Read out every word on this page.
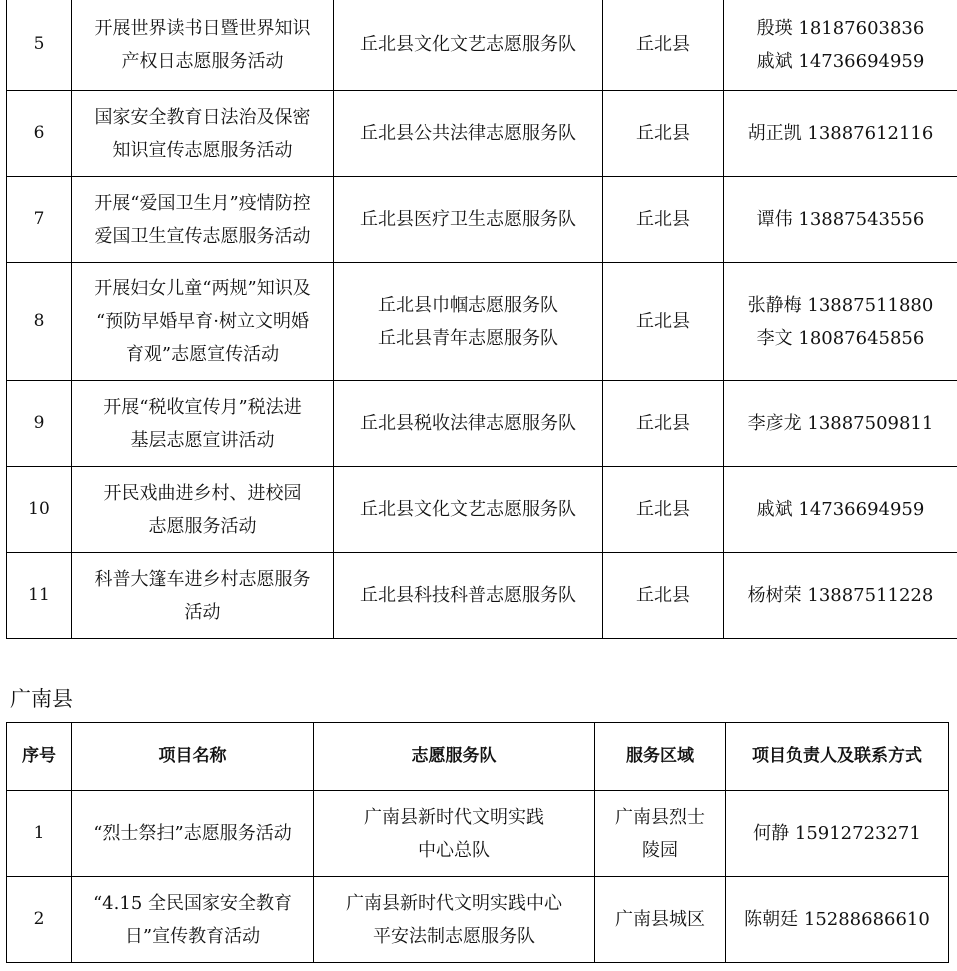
5	开展世界读书日暨世界知识
产权日志愿服务活动	丘北县文化文艺志愿服务队	丘北县	殷瑛 18187603836
戚斌 14736694959

6	国家安全教育日法治及保密
知识宣传志愿服务活动	丘北县公共法律志愿服务队	丘北县	胡正凯 13887612116

7	开展“爱国卫生月”疫情防控
爱国卫生宣传志愿服务活动	丘北县医疗卫生志愿服务队	丘北县	谭伟 13887543556

8	开展妇女儿童“两规”知识及
“预防早婚早育·树立文明婚
育观”志愿宣传活动	丘北县巾帼志愿服务队
丘北县青年志愿服务队	丘北县	张静梅 13887511880
李文 18087645856

9	开展“税收宣传月”税法进
基层志愿宣讲活动	丘北县税收法律志愿服务队	丘北县	李彦龙 13887509811

10	开民戏曲进乡村、进校园
志愿服务活动	丘北县文化文艺志愿服务队	丘北县	戚斌 14736694959

11	科普大篷车进乡村志愿服务
活动	丘北县科技科普志愿服务队	丘北县	杨树荣 13887511228
广南县
序号	项目名称	志愿服务队	服务区域	项目负责人及联系方式
1	“烈士祭扫”志愿服务活动	广南县新时代文明实践
中心总队	广南县烈士
陵园	何静 15912723271

2	“4.15 全民国家安全教育
日”宣传教育活动	广南县新时代文明实践中心
平安法制志愿服务队	广南县城区	陈朝廷 15288686610
